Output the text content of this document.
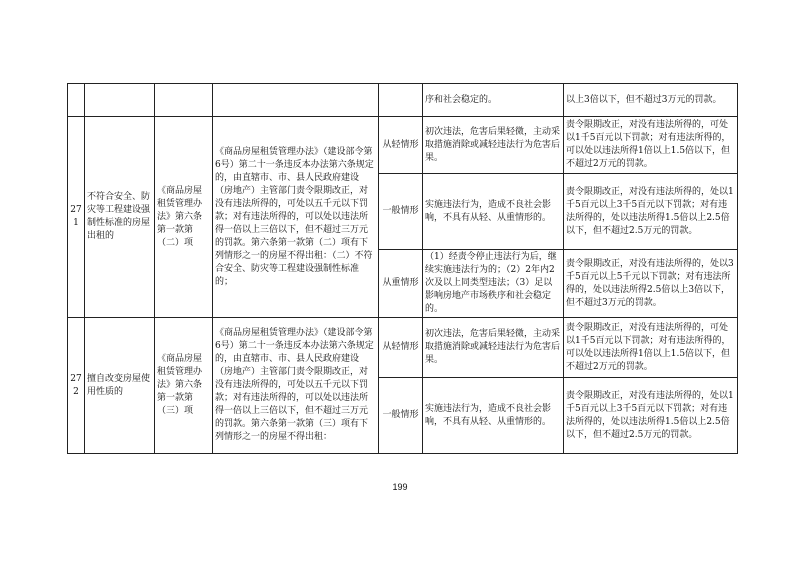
					序和社会稳定的。	以上3倍以下，但不超过3万元的罚款。
271	不符合安全、防灾等工程建设强制性标准的房屋出租的	《商品房屋租赁管理办法》第六条第一款第（二）项	《商品房屋租赁管理办法》（建设部令第6号）第二十一条违反本办法第六条规定的，由直辖市、市、县人民政府建设（房地产）主管部门责令限期改正，对没有违法所得的，可处以五千元以下罚款；对有违法所得的，可以处以违法所得一倍以上三倍以下，但不超过三万元的罚款。第六条第一款第（二）项有下列情形之一的房屋不得出租：（二）不符合安全、防灾等工程建设强制性标准的；	从轻情形	初次违法，危害后果轻微，主动采取措施消除或减轻违法行为危害后果。	责令限期改正，对没有违法所得的，可处以1千5百元以下罚款；对有违法所得的，可以处以违法所得1倍以上1.5倍以下，但不超过2万元的罚款。
				一般情形	实施违法行为，造成不良社会影响，不具有从轻、从重情形的。	责令限期改正，对没有违法所得的，处以1千5百元以上3千5百元以下罚款；对有违法所得的，处以违法所得1.5倍以上2.5倍以下，但不超过2.5万元的罚款。
				从重情形	（1）经责令停止违法行为后，继续实施违法行为的；（2）2年内2次及以上同类型违法；（3）足以影响房地产市场秩序和社会稳定的。	责令限期改正，对没有违法所得的，处以3千5百元以上5千元以下罚款；对有违法所得的，处以违法所得2.5倍以上3倍以下，但不超过3万元的罚款。
272	擅自改变房屋使用性质的	《商品房屋租赁管理办法》第六条第一款第（三）项	《商品房屋租赁管理办法》（建设部令第6号）第二十一条违反本办法第六条规定的，由直辖市、市、县人民政府建设（房地产）主管部门责令限期改正，对没有违法所得的，可处以五千元以下罚款；对有违法所得的，可以处以违法所得一倍以上三倍以下，但不超过三万元的罚款。第六条第一款第（三）项有下列情形之一的房屋不得出租：	从轻情形	初次违法，危害后果轻微，主动采取措施消除或减轻违法行为危害后果。	责令限期改正，对没有违法所得的，可处以1千5百元以下罚款；对有违法所得的，可以处以违法所得1倍以上1.5倍以下，但不超过2万元的罚款。
				一般情形	实施违法行为，造成不良社会影响，不具有从轻、从重情形的。	责令限期改正，对没有违法所得的，处以1千5百元以上3千5百元以下罚款；对有违法所得的，处以违法所得1.5倍以上2.5倍以下，但不超过2.5万元的罚款。
199
